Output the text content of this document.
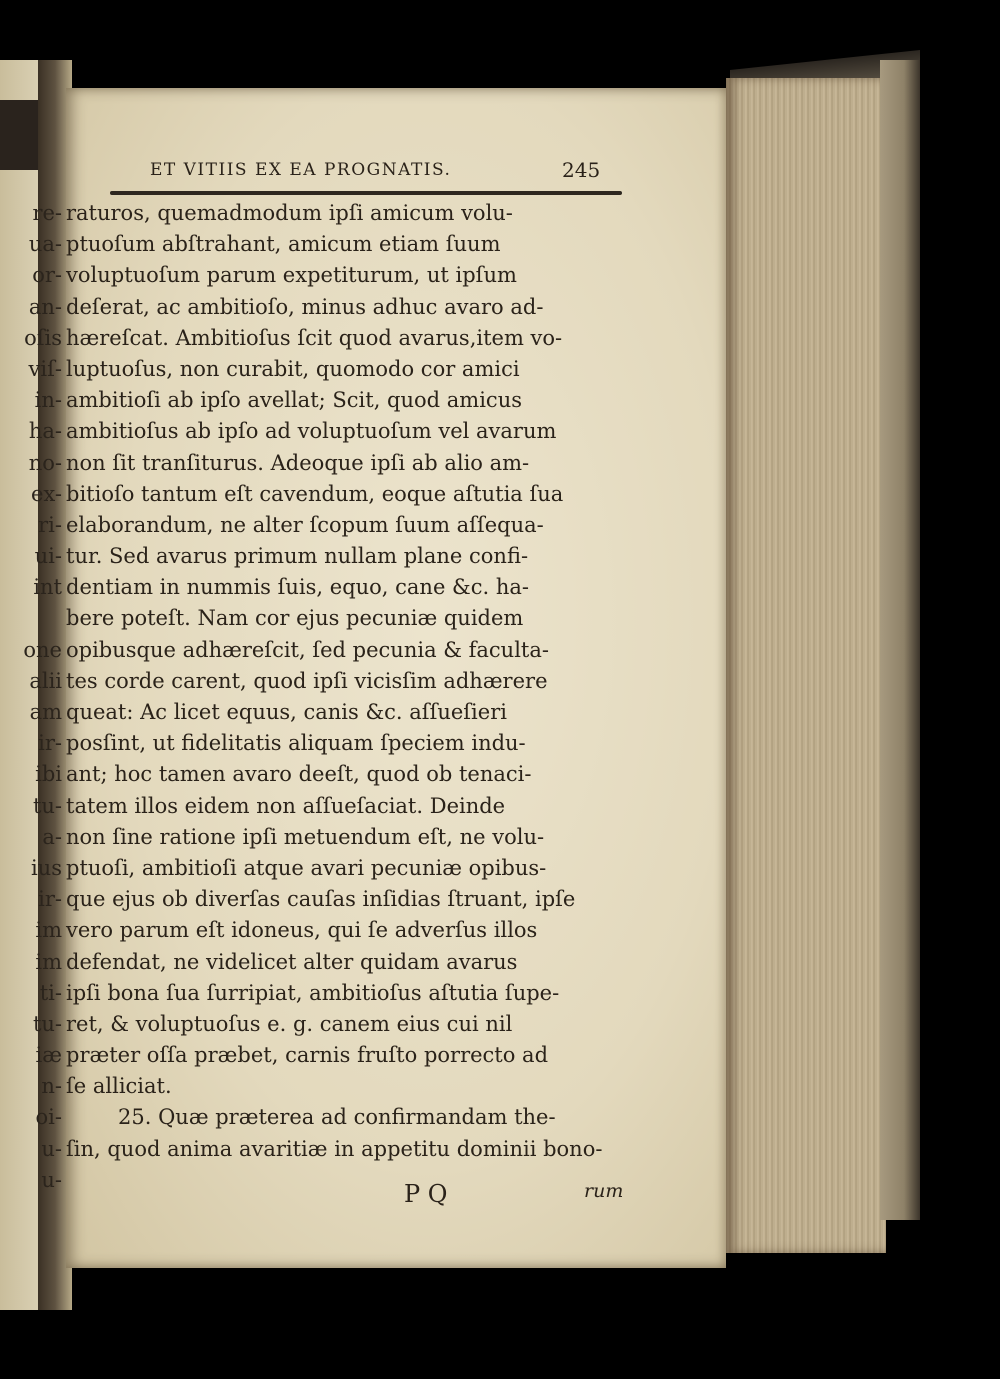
re-
ua-
or-
an-
oſis
viſ-
in-
ha-
no-
ex-
ri-
ui-
int
one
alii
am
ir-
ibi
tu-
a-
ius
ir-
im
im
ti-
tu-
iæ
n-
oi-
u-
u-
ET VITIIS EX EA PROGNATIS.	245
raturos, quemadmodum ipſi amicum volu-
ptuoſum abſtrahant, amicum etiam ſuum
voluptuoſum parum expetiturum, ut ipſum
deſerat, ac ambitioſo, minus adhuc avaro ad-
hæreſcat. Ambitioſus ſcit quod avarus,item vo-
luptuoſus, non curabit, quomodo cor amici
ambitioſi ab ipſo avellat; Scit, quod amicus
ambitioſus ab ipſo ad voluptuoſum vel avarum
non ſit tranſiturus. Adeoque ipſi ab alio am-
bitioſo tantum eſt cavendum, eoque aſtutia ſua
elaborandum, ne alter ſcopum ſuum aſſequa-
tur. Sed avarus primum nullam plane confi-
dentiam in nummis ſuis, equo, cane &c. ha-
bere poteſt. Nam cor ejus pecuniæ quidem
opibusque adhæreſcit, ſed pecunia & faculta-
tes corde carent, quod ipſi vicisſim adhærere
queat: Ac licet equus, canis &c. aſſueſieri
posſint, ut fidelitatis aliquam ſpeciem indu-
ant; hoc tamen avaro deeſt, quod ob tenaci-
tatem illos eidem non aſſueſaciat. Deinde
non ſine ratione ipſi metuendum eſt, ne volu-
ptuoſi, ambitioſi atque avari pecuniæ opibus-
que ejus ob diverſas cauſas inſidias ſtruant, ipſe
vero parum eſt idoneus, qui ſe adverſus illos
defendat, ne videlicet alter quidam avarus
ipſi bona ſua ſurripiat, ambitioſus aſtutia ſupe-
ret, & voluptuoſus e. g. canem eius cui nil
præter oſſa præbet, carnis fruſto porrecto ad
ſe alliciat.
25. Quæ præterea ad confirmandam the-
ſin, quod anima avaritiæ in appetitu dominii bono-
P Q	rum
